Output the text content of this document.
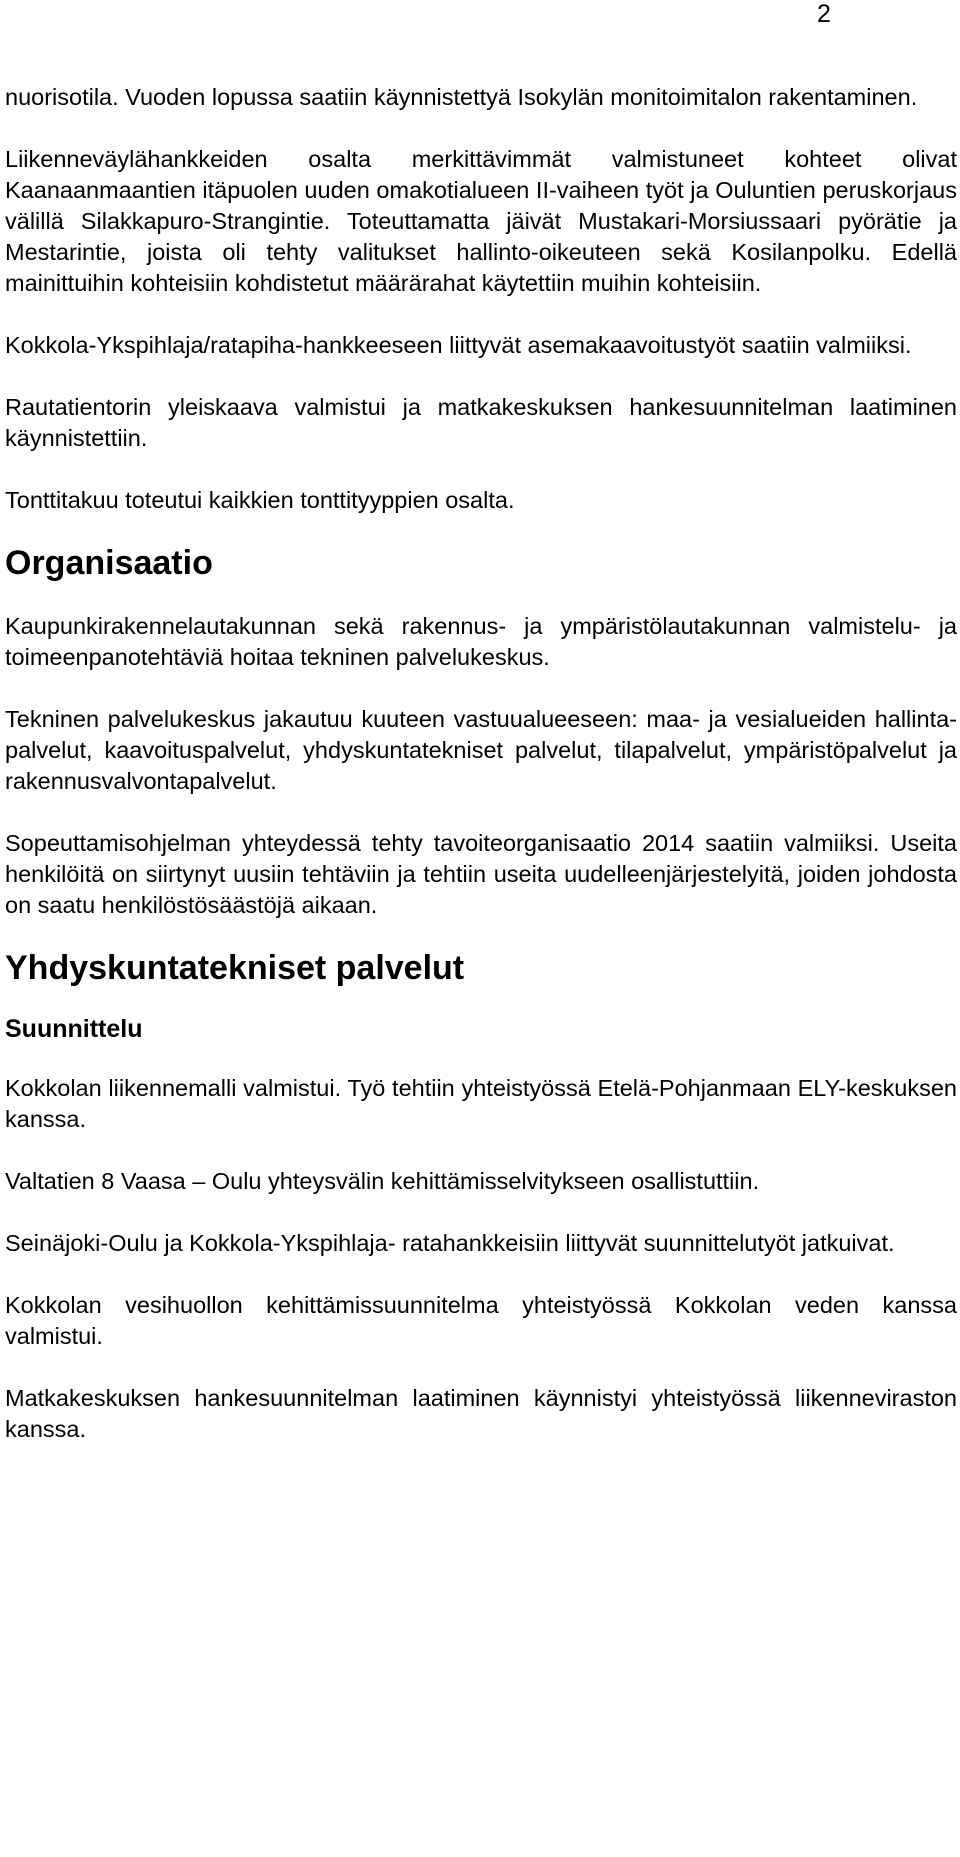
2

nuorisotila. Vuoden lopussa saatiin käynnistettyä Isokylän monitoimitalon rakentaminen.

Liikenneväylähankkeiden osalta merkittävimmät valmistuneet kohteet olivat Kaanaanmaantien itäpuolen uuden omakotialueen II-vaiheen työt ja Ouluntien peruskorjaus välillä Silakkapuro-Strangintie. Toteuttamatta jäivät Mustakari-Morsiussaari pyörätie ja Mestarintie, joista oli tehty valitukset hallinto-oikeuteen sekä Kosilanpolku. Edellä mainittuihin kohteisiin kohdistetut määrärahat käytettiin muihin kohteisiin.

Kokkola-Ykspihlaja/ratapiha-hankkeeseen liittyvät asemakaavoitustyöt saatiin valmiiksi.

Rautatientorin yleiskaava valmistui ja matkakeskuksen hankesuunnitelman laatiminen käynnistettiin.

Tonttitakuu toteutui kaikkien tonttityyppien osalta.

Organisaatio

Kaupunkirakennelautakunnan sekä rakennus- ja ympäristölautakunnan valmistelu- ja toimeenpanotehtäviä hoitaa tekninen palvelukeskus.

Tekninen palvelukeskus jakautuu kuuteen vastuualueeseen: maa- ja vesialueiden hallinta-palvelut, kaavoituspalvelut, yhdyskuntatekniset palvelut, tilapalvelut, ympäristöpalvelut ja rakennusvalvontapalvelut.

Sopeuttamisohjelman yhteydessä tehty tavoiteorganisaatio 2014 saatiin valmiiksi. Useita henkilöitä on siirtynyt uusiin tehtäviin ja tehtiin useita uudelleenjärjestelyitä, joiden johdosta on saatu henkilöstösäästöjä aikaan.

Yhdyskuntatekniset palvelut
Suunnittelu

Kokkolan liikennemalli valmistui. Työ tehtiin yhteistyössä Etelä-Pohjanmaan ELY-keskuksen kanssa.

Valtatien 8 Vaasa – Oulu yhteysvälin kehittämisselvitykseen osallistuttiin.

Seinäjoki-Oulu ja Kokkola-Ykspihlaja- ratahankkeisiin liittyvät suunnittelutyöt jatkuivat.

Kokkolan vesihuollon kehittämissuunnitelma yhteistyössä Kokkolan veden kanssa valmistui.

Matkakeskuksen hankesuunnitelman laatiminen käynnistyi yhteistyössä liikenneviraston kanssa.
